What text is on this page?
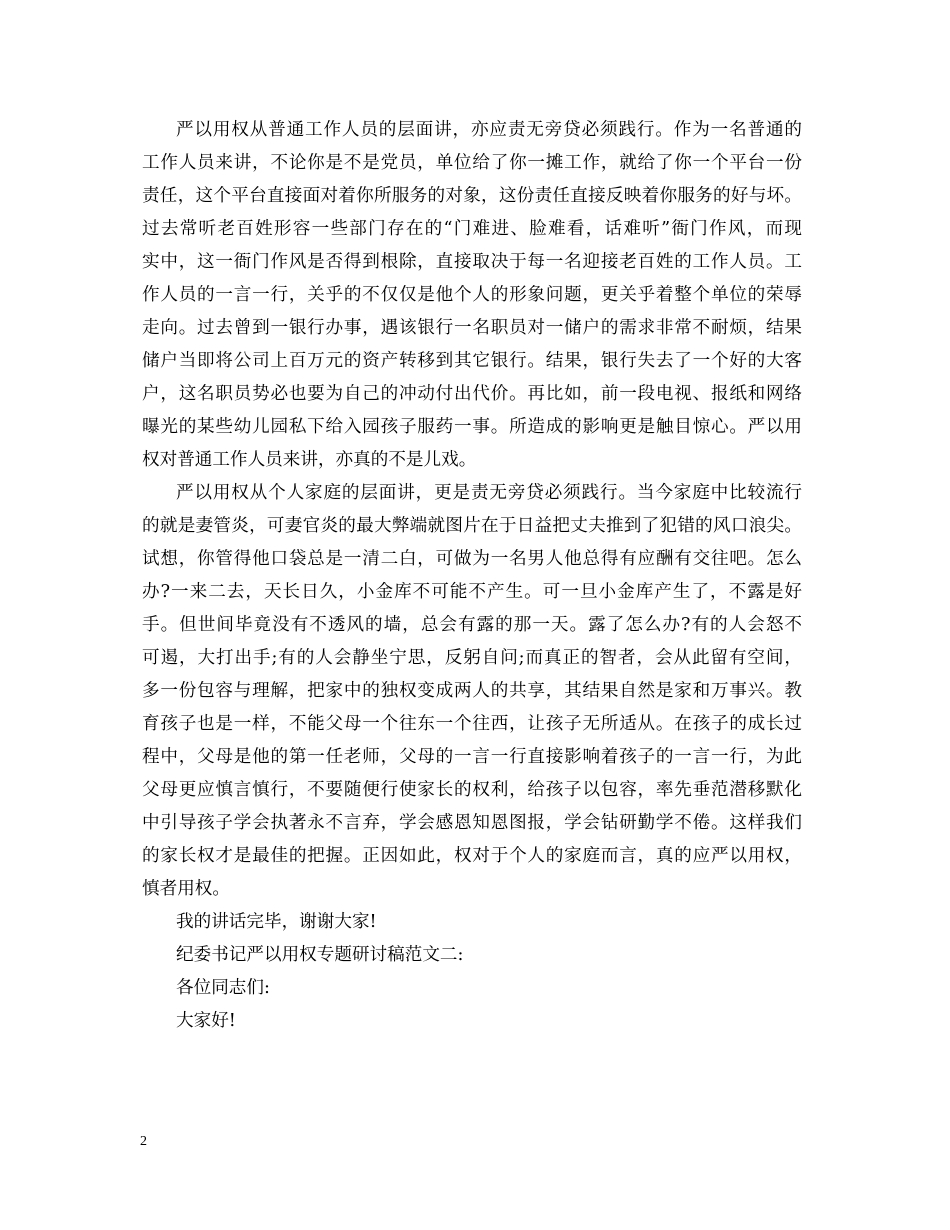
严以用权从普通工作人员的层面讲，亦应责无旁贷必须践行。作为一名普通的
工作人员来讲，不论你是不是党员，单位给了你一摊工作，就给了你一个平台一份
责任，这个平台直接面对着你所服务的对象，这份责任直接反映着你服务的好与坏。
过去常听老百姓形容一些部门存在的“门难进、脸难看，话难听”衙门作风，而现
实中，这一衙门作风是否得到根除，直接取决于每一名迎接老百姓的工作人员。工
作人员的一言一行，关乎的不仅仅是他个人的形象问题，更关乎着整个单位的荣辱
走向。过去曾到一银行办事，遇该银行一名职员对一储户的需求非常不耐烦，结果
储户当即将公司上百万元的资产转移到其它银行。结果，银行失去了一个好的大客
户，这名职员势必也要为自己的冲动付出代价。再比如，前一段电视、报纸和网络
曝光的某些幼儿园私下给入园孩子服药一事。所造成的影响更是触目惊心。严以用
权对普通工作人员来讲，亦真的不是儿戏。
严以用权从个人家庭的层面讲，更是责无旁贷必须践行。当今家庭中比较流行
的就是妻管炎，可妻官炎的最大弊端就图片在于日益把丈夫推到了犯错的风口浪尖。
试想，你管得他口袋总是一清二白，可做为一名男人他总得有应酬有交往吧。怎么
办?一来二去，天长日久，小金库不可能不产生。可一旦小金库产生了，不露是好
手。但世间毕竟没有不透风的墙，总会有露的那一天。露了怎么办?有的人会怒不
可遏，大打出手;有的人会静坐宁思，反躬自问;而真正的智者，会从此留有空间，
多一份包容与理解，把家中的独权变成两人的共享，其结果自然是家和万事兴。教
育孩子也是一样，不能父母一个往东一个往西，让孩子无所适从。在孩子的成长过
程中，父母是他的第一任老师，父母的一言一行直接影响着孩子的一言一行，为此
父母更应慎言慎行，不要随便行使家长的权利，给孩子以包容，率先垂范潜移默化
中引导孩子学会执著永不言弃，学会感恩知恩图报，学会钻研勤学不倦。这样我们
的家长权才是最佳的把握。正因如此，权对于个人的家庭而言，真的应严以用权，
慎者用权。
我的讲话完毕，谢谢大家!
纪委书记严以用权专题研讨稿范文二:
各位同志们:
大家好!
2
